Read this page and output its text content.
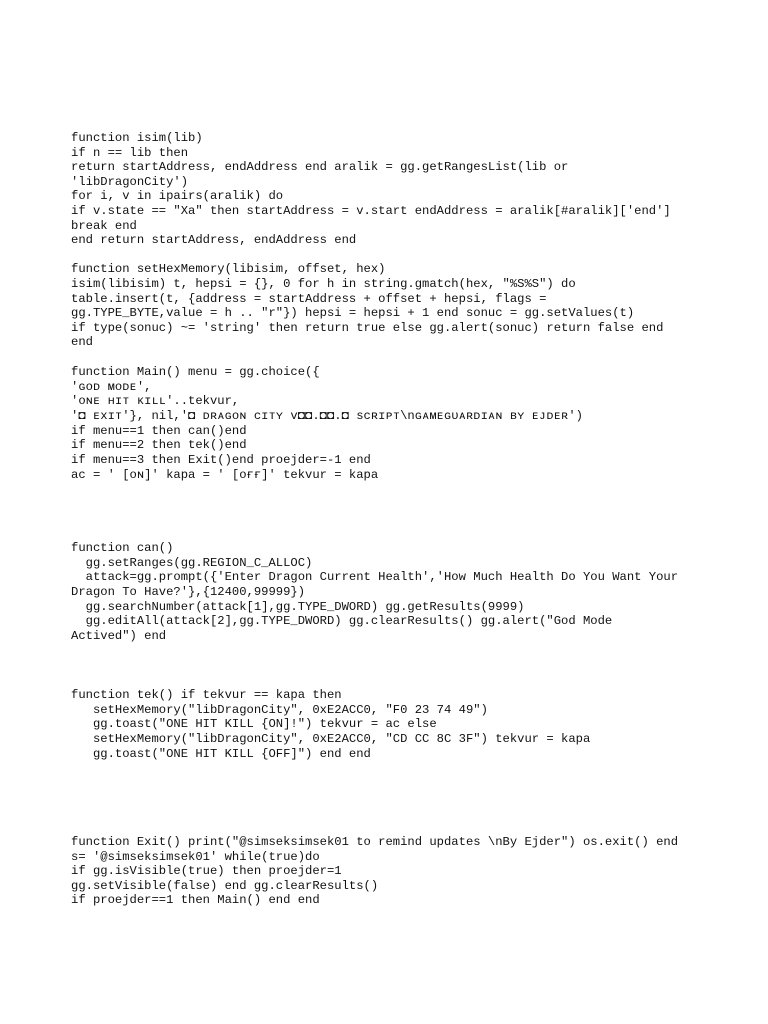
function isim(lib)

if n == lib then

return startAddress, endAddress end aralik = gg.getRangesList(lib or

'libDragonCity')

for i, v in ipairs(aralik) do

if v.state == "Xa" then startAddress = v.start endAddress = aralik[#aralik]['end']

break end

end return startAddress, endAddress end

function setHexMemory(libisim, offset, hex)

isim(libisim) t, hepsi = {}, 0 for h in string.gmatch(hex, "%S%S") do

table.insert(t, {address = startAddress + offset + hepsi, flags =

gg.TYPE_BYTE,value = h .. "r"}) hepsi = hepsi + 1 end sonuc = gg.setValues(t)

if type(sonuc) ~= 'string' then return true else gg.alert(sonuc) return false end

end

function Main() menu = gg.choice({

'ɢᴏᴅ ᴍᴏᴅᴇ',

'ᴏɴᴇ ʜɪᴛ ᴋɪʟʟ'..tekvur,

'◘ ᴇxɪᴛ'}, nil,'◘ ᴅʀᴀɢᴏɴ ᴄɪᴛʏ ᴠ◘◘.◘◘.◘ sᴄʀɪᴘᴛ\nɢᴀᴍᴇɢᴜᴀʀᴅɪᴀɴ ʙʏ ᴇᴊᴅᴇʀ')

if menu==1 then can()end

if menu==2 then tek()end

if menu==3 then Exit()end proejder=-1 end

ac = ' [ᴏɴ]' kapa = ' [ᴏғғ]' tekvur = kapa

function can()

gg.setRanges(gg.REGION_C_ALLOC)

attack=gg.prompt({'Enter Dragon Current Health','How Much Health Do You Want Your

Dragon To Have?'},{12400,99999})

gg.searchNumber(attack[1],gg.TYPE_DWORD) gg.getResults(9999)

gg.editAll(attack[2],gg.TYPE_DWORD) gg.clearResults() gg.alert("God Mode

Actived") end

function tek() if tekvur == kapa then

setHexMemory("libDragonCity", 0xE2ACC0, "F0 23 74 49")

gg.toast("ONE HIT KILL {ON]!") tekvur = ac else

setHexMemory("libDragonCity", 0xE2ACC0, "CD CC 8C 3F") tekvur = kapa

gg.toast("ONE HIT KILL {OFF]") end end

function Exit() print("@simseksimsek01 to remind updates \nBy Ejder") os.exit() end

s= '@simseksimsek01' while(true)do

if gg.isVisible(true) then proejder=1

gg.setVisible(false) end gg.clearResults()

if proejder==1 then Main() end end
